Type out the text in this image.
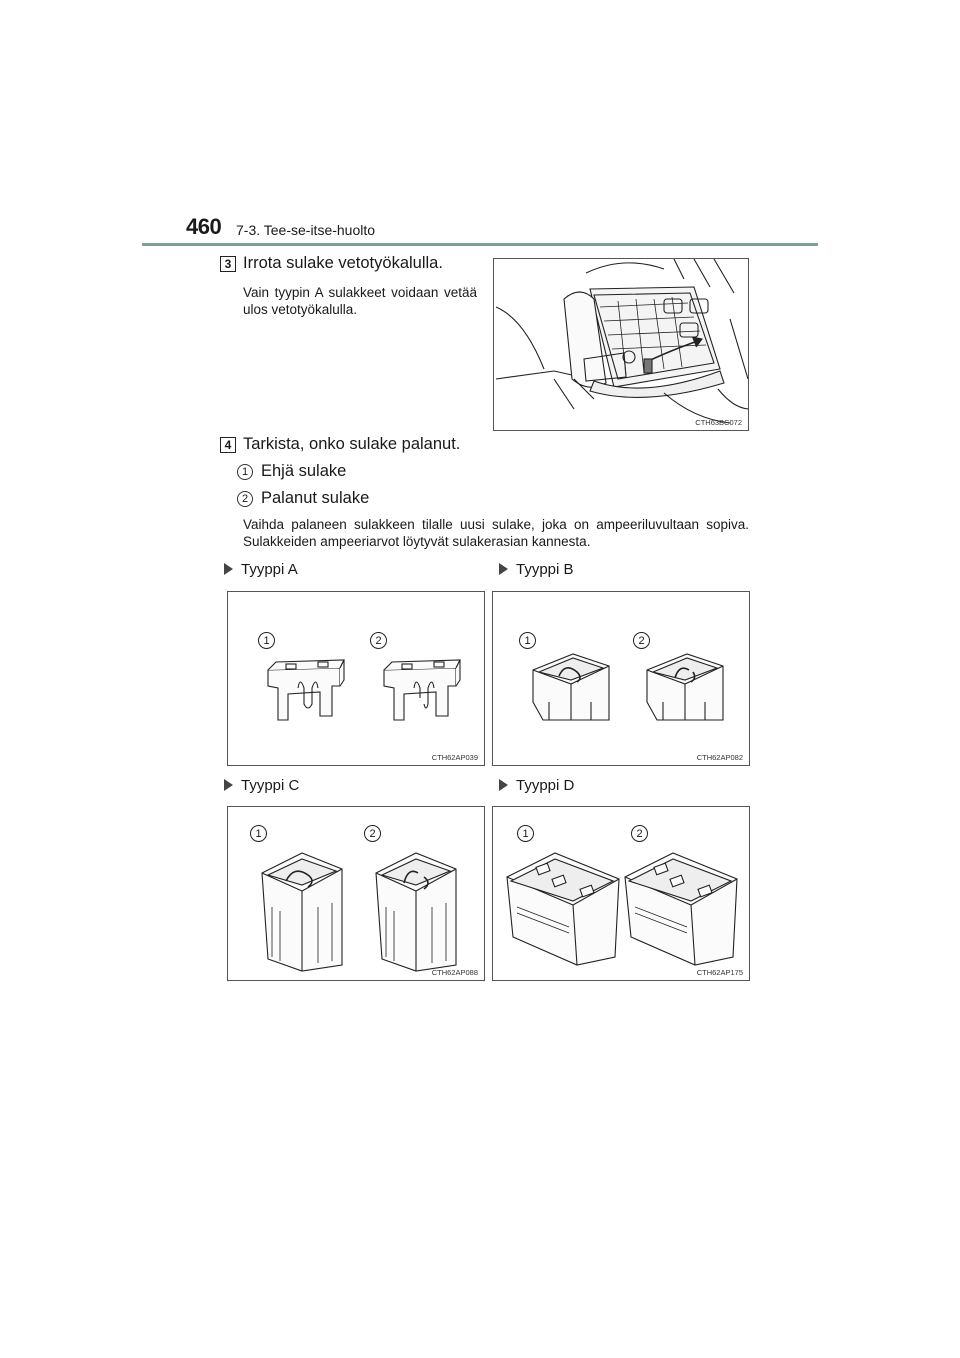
460 7-3. Tee-se-itse-huolto
3 Irrota sulake vetotyökalulla.
Vain tyypin A sulakkeet voidaan vetää ulos vetotyökalulla.
CTH63BC072
4 Tarkista, onko sulake palanut.
1 Ehjä sulake
2 Palanut sulake
Vaihda palaneen sulakkeen tilalle uusi sulake, joka on ampeeriluvultaan sopiva. Sulakkeiden ampeeriarvot löytyvät sulakerasian kannesta.
Tyyppi A	Tyyppi B
Tyyppi C	Tyyppi D
1	2
CTH62AP039
1	2
CTH62AP082
1	2
CTH62AP088
1	2
CTH62AP175
